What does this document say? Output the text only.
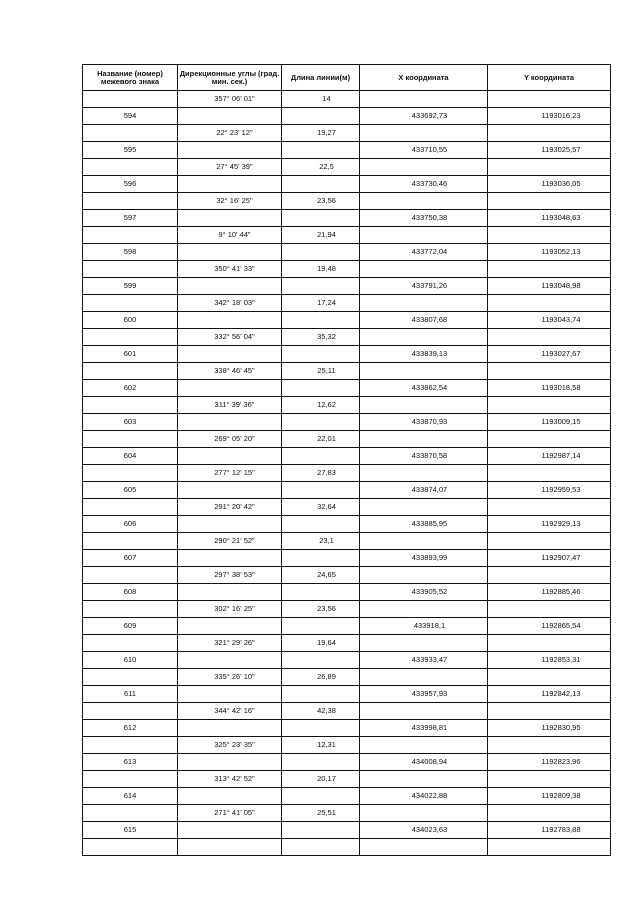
Название (номер) межевого знака	Дирекционные углы (град. мин. сек.)	Длина линии(м)	X координата	Y координата
	357° 06' 01"	14		
594			433692,73	1193016,23
	22° 23' 12"	19,27		
595			433710,55	1193025,57
	27° 45' 39"	22,5		
596			433730,46	1193036,05
	32° 16' 25"	23,56		
597			433750,38	1193048,63
	9° 10' 44"	21,94		
598			433772,04	1193052,13
	350° 41' 33"	19,48		
599			433791,26	1193048,98
	342° 18' 03"	17,24		
600			433807,68	1193043,74
	332° 56' 04"	35,32		
601			433839,13	1193027,67
	338° 46' 45"	25,11		
602			433862,54	1193018,58
	311° 39' 36"	12,62		
603			433870,93	1193009,15
	269° 05' 20"	22,01		
604			433870,58	1192987,14
	277° 12' 15"	27,83		
605			433874,07	1192959,53
	291° 20' 42"	32,64		
606			433885,95	1192929,13
	290° 21' 52"	23,1		
607			433893,99	1192907,47
	297° 38' 53"	24,65		
608			433905,52	1192885,46
	302° 16' 25"	23,56		
609			433918,1	1192865,54
	321° 29' 26"	19,64		
610			433933,47	1192853,31
	335° 26' 10"	26,89		
611			433957,93	1192842,13
	344° 42' 16"	42,38		
612			433998,81	1192830,95
	325° 23' 35"	12,31		
613			434008,94	1192823,96
	313° 42' 52"	20,17		
614			434022,88	1192809,38
	271° 41' 05"	25,51		
615			434023,63	1192783,88
